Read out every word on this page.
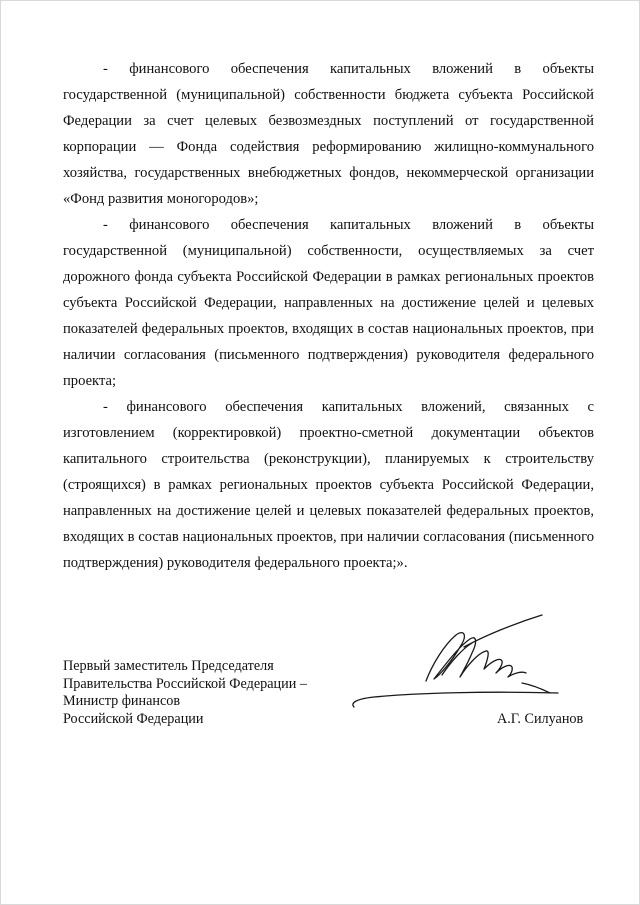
- финансового обеспечения капитальных вложений в объекты государственной (муниципальной) собственности бюджета субъекта Российской Федерации за счет целевых безвозмездных поступлений от государственной корпорации — Фонда содействия реформированию жилищно-коммунального хозяйства, государственных внебюджетных фондов, некоммерческой организации «Фонд развития моногородов»;

- финансового обеспечения капитальных вложений в объекты государственной (муниципальной) собственности, осуществляемых за счет дорожного фонда субъекта Российской Федерации в рамках региональных проектов субъекта Российской Федерации, направленных на достижение целей и целевых показателей федеральных проектов, входящих в состав национальных проектов, при наличии согласования (письменного подтверждения) руководителя федерального проекта;

- финансового обеспечения капитальных вложений, связанных с изготовлением (корректировкой) проектно-сметной документации объектов капитального строительства (реконструкции), планируемых к строительству (строящихся) в рамках региональных проектов субъекта Российской Федерации, направленных на достижение целей и целевых показателей федеральных проектов, входящих в состав национальных проектов, при наличии согласования (письменного подтверждения) руководителя федерального проекта;».

Первый заместитель Председателя
Правительства Российской Федерации –
Министр финансов
Российской Федерации	А.Г. Силуанов
